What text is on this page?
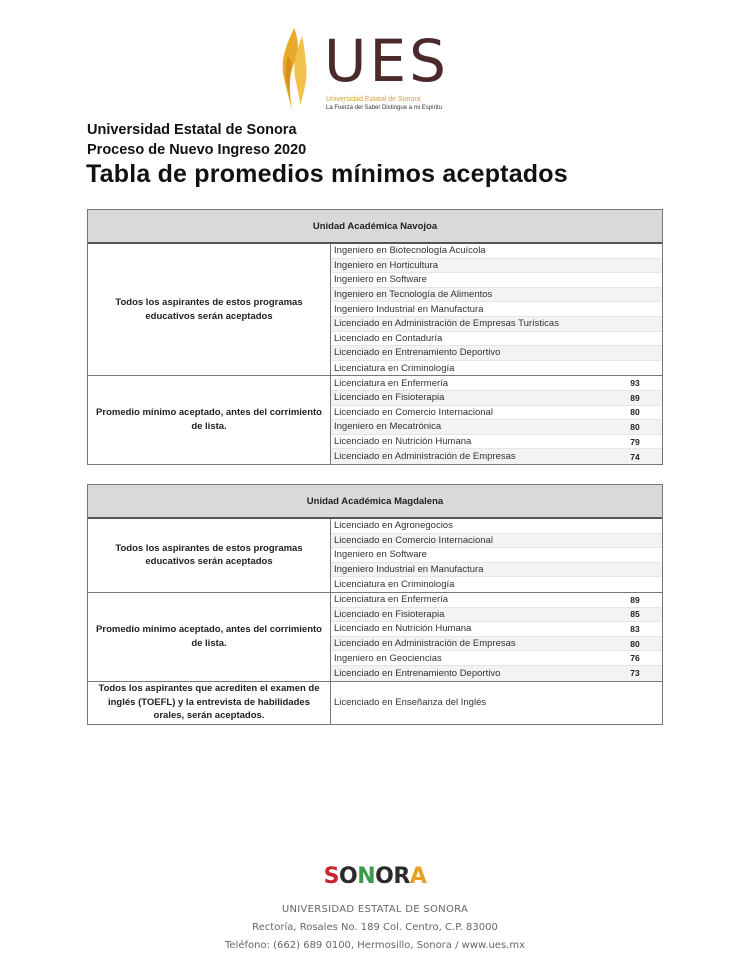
UES
Universidad Estatal de Sonora
La Fuerza del Saber Distingue a mi Espíritu
Universidad Estatal de Sonora
Proceso de Nuevo Ingreso 2020
Tabla de promedios mínimos aceptados
Unidad Académica Navojoa
Todos los aspirantes de estos programas educativos serán aceptados
Ingeniero en Biotecnología Acuícola
Ingeniero en Horticultura
Ingeniero en Software
Ingeniero en Tecnología de Alimentos
Ingeniero Industrial en Manufactura
Licenciado en Administración de Empresas Turísticas
Licenciado en Contaduría
Licenciado en Entrenamiento Deportivo
Licenciatura en Criminología
Promedio mínimo aceptado, antes del corrimiento de lista.
Licenciatura en Enfermería	93
Licenciado en Fisioterapia	89
Licenciado en Comercio Internacional	80
Ingeniero en Mecatrónica	80
Licenciado en Nutrición Humana	79
Licenciado en Administración de Empresas	74
Unidad Académica Magdalena
Todos los aspirantes de estos programas educativos serán aceptados
Licenciado en Agronegocios
Licenciado en Comercio Internacional
Ingeniero en Software
Ingeniero Industrial en Manufactura
Licenciatura en Criminología
Promedio mínimo aceptado, antes del corrimiento de lista.
Licenciatura en Enfermería	89
Licenciado en Fisioterapia	85
Licenciado en Nutrición Humana	83
Licenciado en Administración de Empresas	80
Ingeniero en Geociencias	76
Licenciado en Entrenamiento Deportivo	73
Todos los aspirantes que acrediten el examen de inglés (TOEFL) y la entrevista de habilidades orales, serán aceptados.
Licenciado en Enseñanza del Inglés
SONORA
UNIVERSIDAD ESTATAL DE SONORA
Rectoría, Rosales No. 189 Col. Centro, C.P. 83000
Teléfono: (662) 689 0100, Hermosillo, Sonora / www.ues.mx
